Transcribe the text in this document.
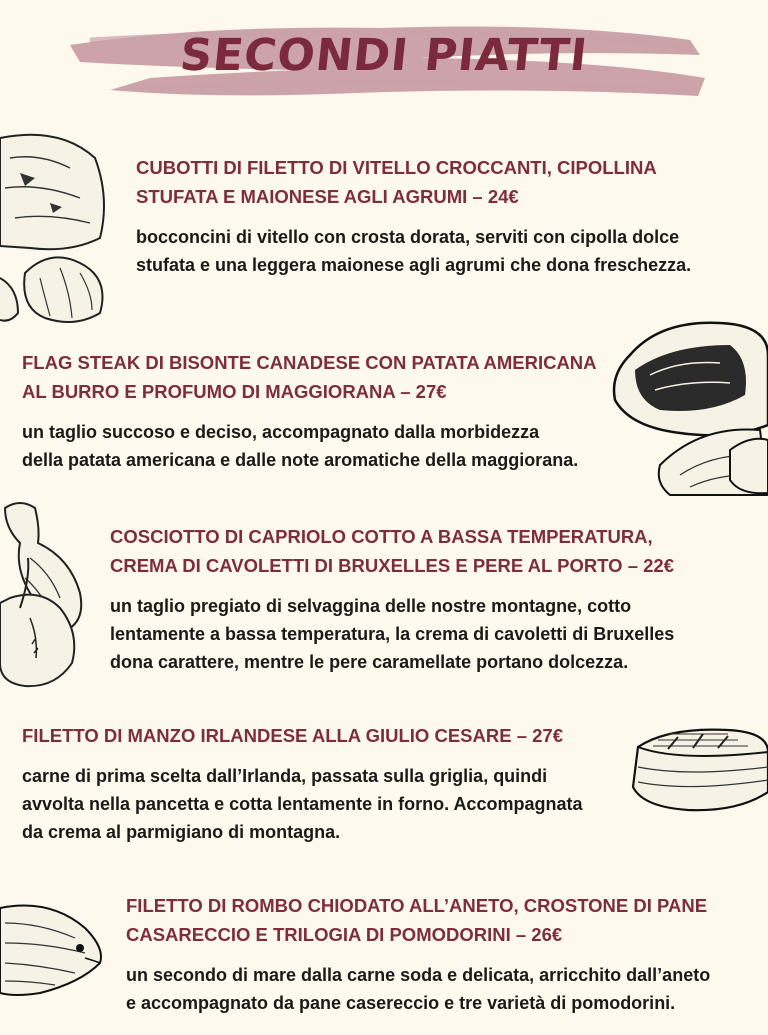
SECONDI PIATTI
CUBOTTI DI FILETTO DI VITELLO CROCCANTI, CIPOLLINA
STUFATA E MAIONESE AGLI AGRUMI – 24€
bocconcini di vitello con crosta dorata, serviti con cipolla dolce
stufata e una leggera maionese agli agrumi che dona freschezza.
FLAG STEAK DI BISONTE CANADESE CON PATATA AMERICANA
AL BURRO E PROFUMO DI MAGGIORANA – 27€
un taglio succoso e deciso, accompagnato dalla morbidezza
della patata americana e dalle note aromatiche della maggiorana.
COSCIOTTO DI CAPRIOLO COTTO A BASSA TEMPERATURA,
CREMA DI CAVOLETTI DI BRUXELLES E PERE AL PORTO – 22€
un taglio pregiato di selvaggina delle nostre montagne, cotto
lentamente a bassa temperatura, la crema di cavoletti di Bruxelles
dona carattere, mentre le pere caramellate portano dolcezza.
FILETTO DI MANZO IRLANDESE ALLA GIULIO CESARE – 27€
carne di prima scelta dall’Irlanda, passata sulla griglia, quindi
avvolta nella pancetta e cotta lentamente in forno. Accompagnata
da crema al parmigiano di montagna.
FILETTO DI ROMBO CHIODATO ALL’ANETO, CROSTONE DI PANE
CASARECCIO E TRILOGIA DI POMODORINI – 26€
un secondo di mare dalla carne soda e delicata, arricchito dall’aneto
e accompagnato da pane casereccio e tre varietà di pomodorini.
